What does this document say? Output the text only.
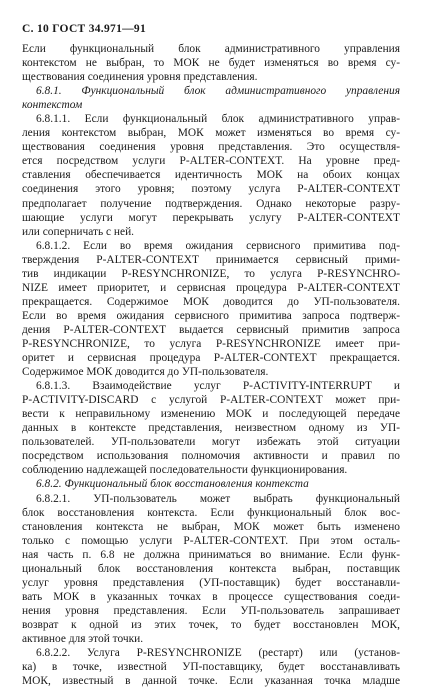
С. 10 ГОСТ 34.971—91
Если функциональный блок административного управления
контекстом не выбран, то МОК не будет изменяться во время су-
ществования соединения уровня представления.
6.8.1. Функциональный блок административного управления
контекстом
6.8.1.1. Если функциональный блок административного управ-
ления контекстом выбран, МОК может изменяться во время су-
ществования соединения уровня представления. Это осуществля-
ется посредством услуги P-ALTER-CONTEXT. На уровне пред-
ставления обеспечивается идентичность МОК на обоих концах
соединения этого уровня; поэтому услуга P-ALTER-CONTEXT
предполагает получение подтверждения. Однако некоторые разру-
шающие услуги могут перекрывать услугу P-ALTER-CONTEXT
или соперничать с ней.
6.8.1.2. Если во время ожидания сервисного примитива под-
тверждения P-ALTER-CONTEXT принимается сервисный прими-
тив индикации P-RESYNCHRONIZE, то услуга P-RESYNCHRO-
NIZE имеет приоритет, и сервисная процедура P-ALTER-CONTEXT
прекращается. Содержимое МОК доводится до УП-пользователя.
Если во время ожидания сервисного примитива запроса подтверж-
дения P-ALTER-CONTEXT выдается сервисный примитив запроса
P-RESYNCHRONIZE, то услуга P-RESYNCHRONIZE имеет при-
оритет и сервисная процедура P-ALTER-CONTEXT прекращается.
Содержимое МОК доводится до УП-пользователя.
6.8.1.3. Взаимодействие услуг P-ACTIVITY-INTERRUPT и
P-ACTIVITY-DISCARD с услугой P-ALTER-CONTEXT может при-
вести к неправильному изменению МОК и последующей передаче
данных в контексте представления, неизвестном одному из УП-
пользователей. УП-пользователи могут избежать этой ситуации
посредством использования полномочия активности и правил по
соблюдению надлежащей последовательности функционирования.
6.8.2. Функциональный блок восстановления контекста
6.8.2.1. УП-пользователь может выбрать функциональный
блок восстановления контекста. Если функциональный блок вос-
становления контекста не выбран, МОК может быть изменено
только с помощью услуги P-ALTER-CONTEXT. При этом осталь-
ная часть п. 6.8 не должна приниматься во внимание. Если функ-
циональный блок восстановления контекста выбран, поставщик
услуг уровня представления (УП-поставщик) будет восстанавли-
вать МОК в указанных точках в процессе существования соеди-
нения уровня представления. Если УП-пользователь запрашивает
возврат к одной из этих точек, то будет восстановлен МОК,
активное для этой точки.
6.8.2.2. Услуга P-RESYNCHRONIZE (рестарт) или (установ-
ка) в точке, известной УП-поставщику, будет восстанавливать
МОК, известный в данной точке. Если указанная точка младше
